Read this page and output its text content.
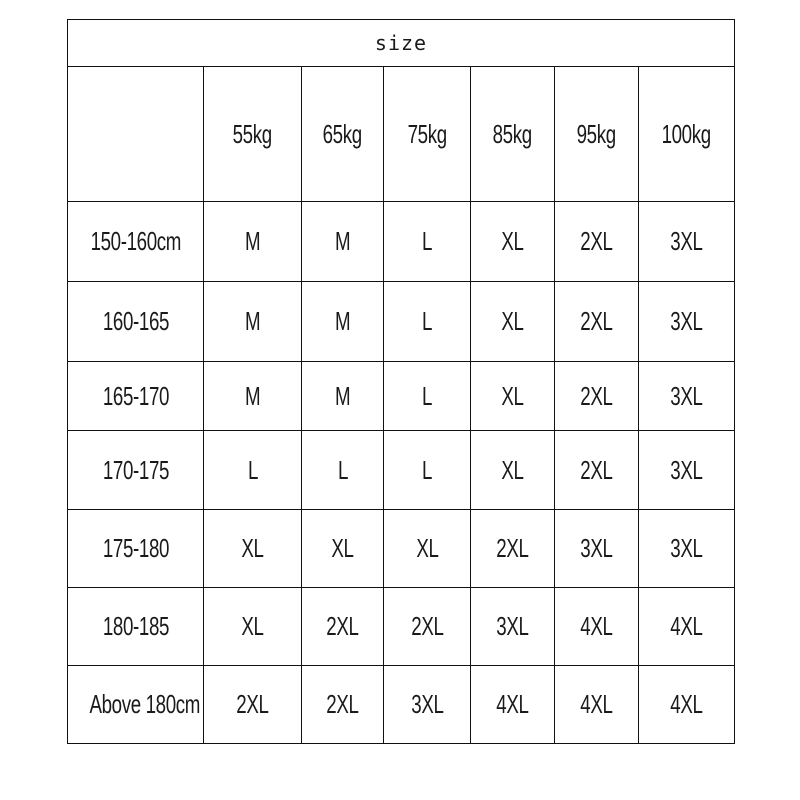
size						
	55kg	65kg	75kg	85kg	95kg	100kg
150-160cm	M	M	L	XL	2XL	3XL
160-165	M	M	L	XL	2XL	3XL
165-170	M	M	L	XL	2XL	3XL
170-175	L	L	L	XL	2XL	3XL
175-180	XL	XL	XL	2XL	3XL	3XL
180-185	XL	2XL	2XL	3XL	4XL	4XL
Above 180cm	2XL	2XL	3XL	4XL	4XL	4XL
